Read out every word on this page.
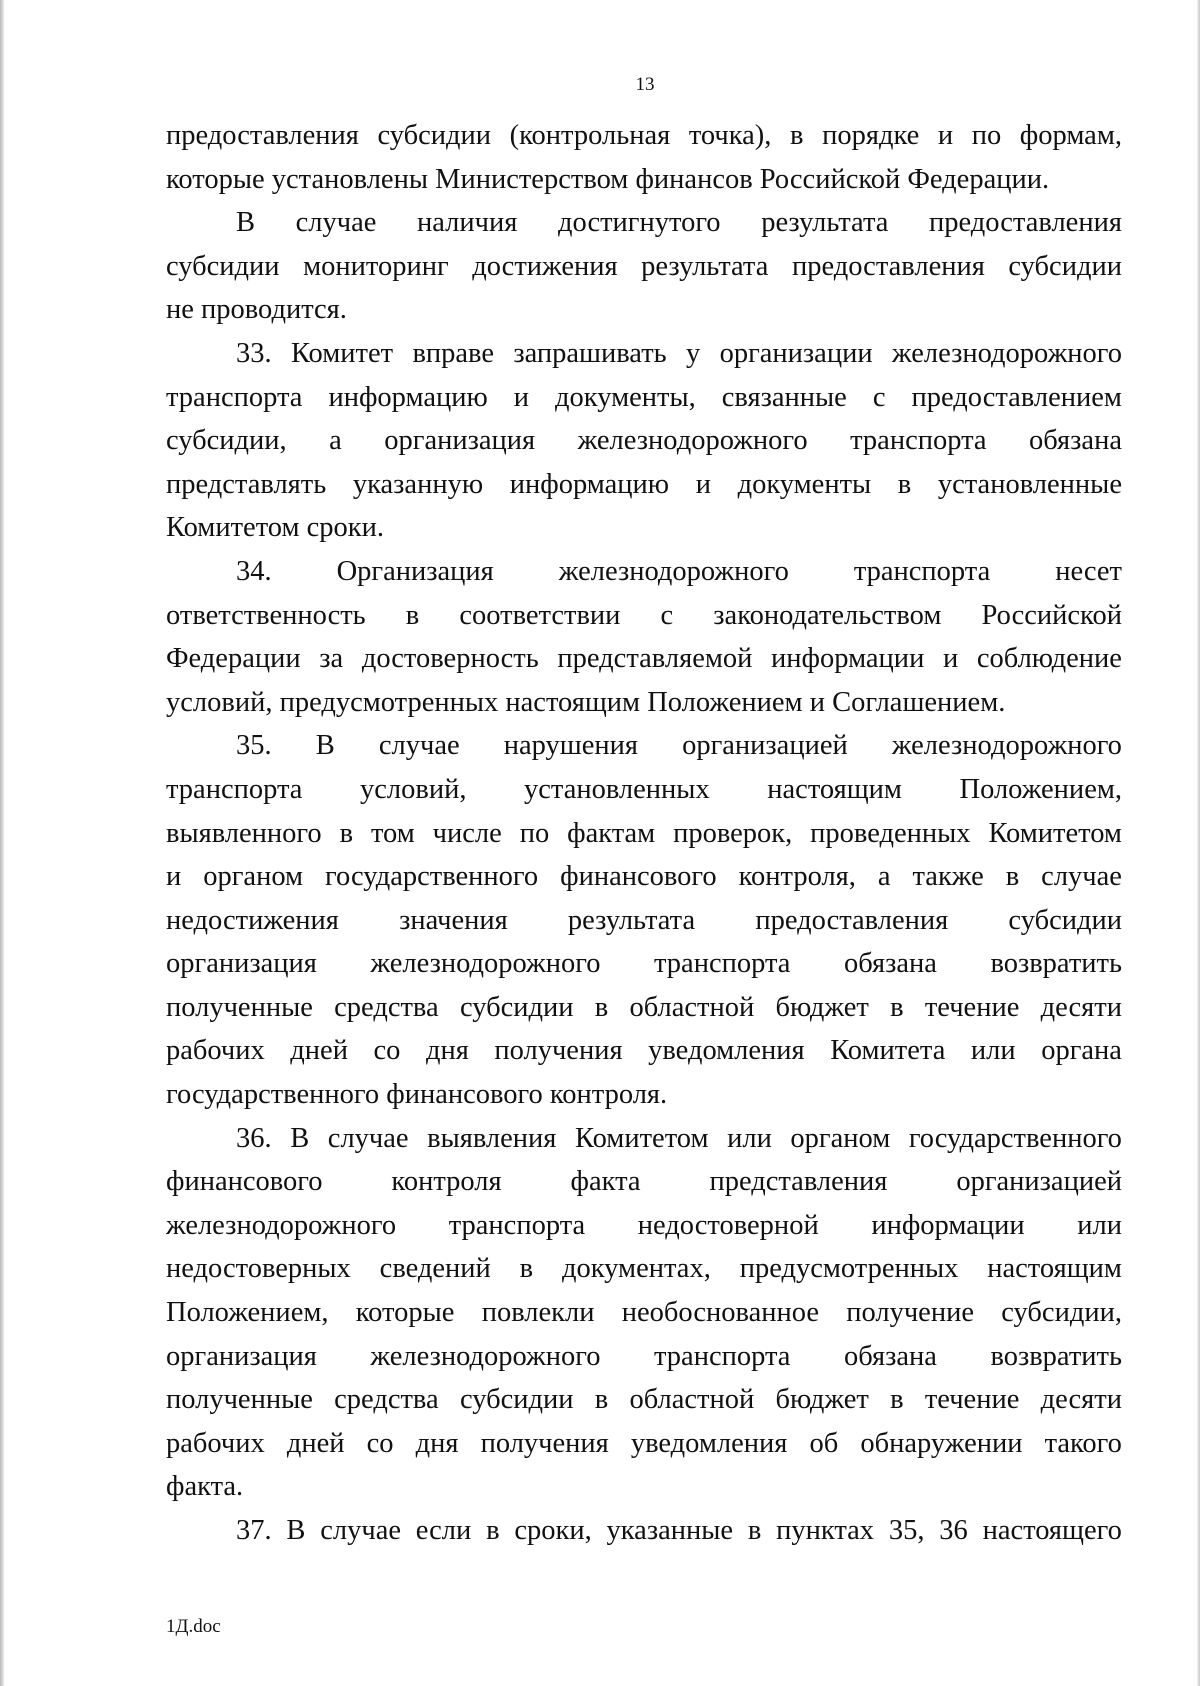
13
предоставления субсидии (контрольная точка), в порядке и по формам,
которые установлены Министерством финансов Российской Федерации.
В случае наличия достигнутого результата предоставления
субсидии мониторинг достижения результата предоставления субсидии
не проводится.
33. Комитет вправе запрашивать у организации железнодорожного
транспорта информацию и документы, связанные с предоставлением
субсидии, а организация железнодорожного транспорта обязана
представлять указанную информацию и документы в установленные
Комитетом сроки.
34. Организация железнодорожного транспорта несет
ответственность в соответствии с законодательством Российской
Федерации за достоверность представляемой информации и соблюдение
условий, предусмотренных настоящим Положением и Соглашением.
35. В случае нарушения организацией железнодорожного
транспорта условий, установленных настоящим Положением,
выявленного в том числе по фактам проверок, проведенных Комитетом
и органом государственного финансового контроля, а также в случае
недостижения значения результата предоставления субсидии
организация железнодорожного транспорта обязана возвратить
полученные средства субсидии в областной бюджет в течение десяти
рабочих дней со дня получения уведомления Комитета или органа
государственного финансового контроля.
36. В случае выявления Комитетом или органом государственного
финансового контроля факта представления организацией
железнодорожного транспорта недостоверной информации или
недостоверных сведений в документах, предусмотренных настоящим
Положением, которые повлекли необоснованное получение субсидии,
организация железнодорожного транспорта обязана возвратить
полученные средства субсидии в областной бюджет в течение десяти
рабочих дней со дня получения уведомления об обнаружении такого
факта.
37. В случае если в сроки, указанные в пунктах 35, 36 настоящего
1Д.doc
